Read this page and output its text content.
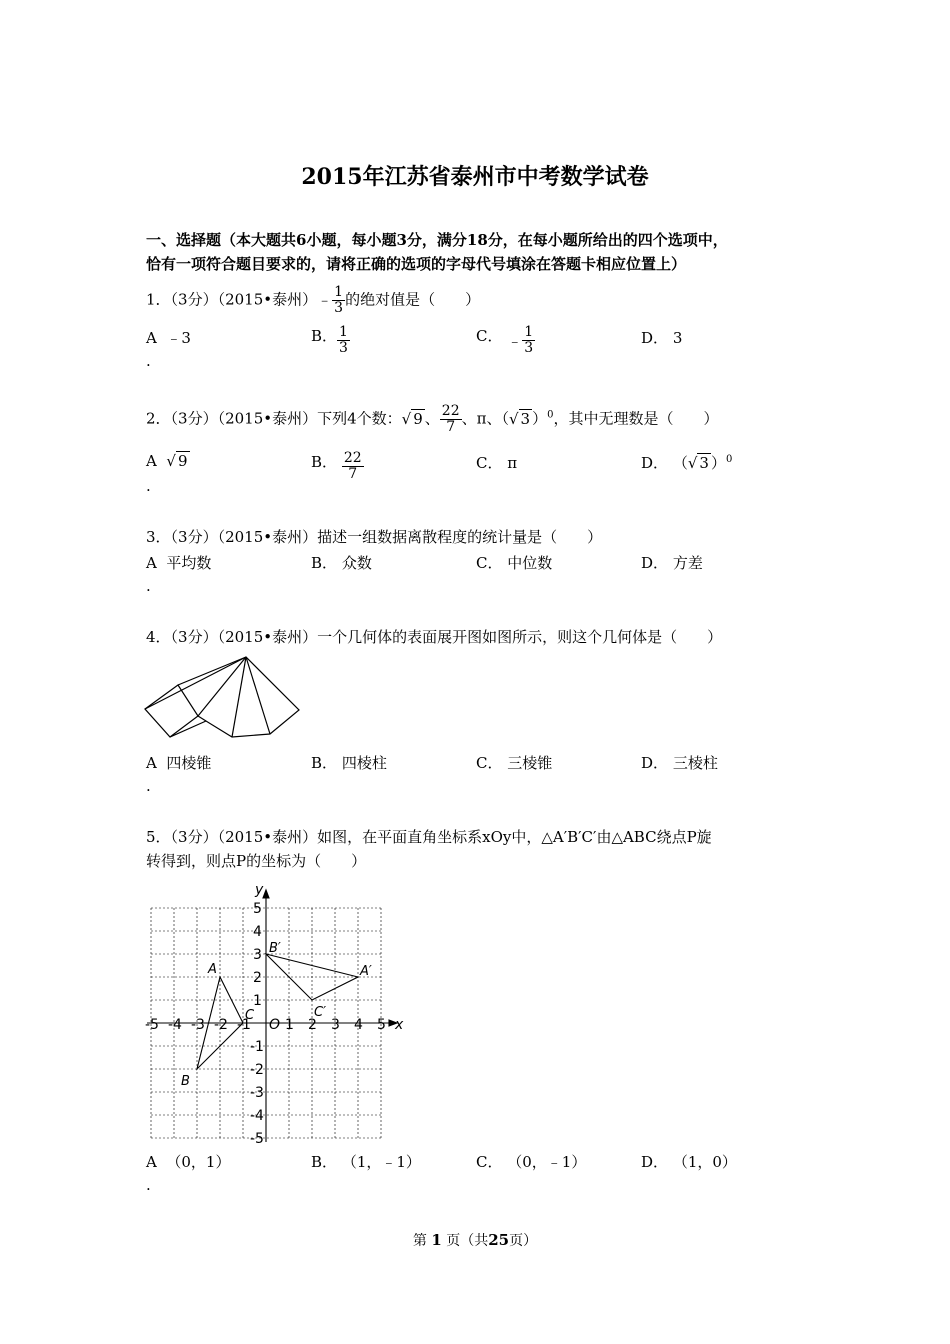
2015年江苏省泰州市中考数学试卷
一、选择题（本大题共6小题，每小题3分，满分18分，在每小题所给出的四个选项中，
恰有一项符合题目要求的，请将正确的选项的字母代号填涂在答题卡相应位置上）
1．（3分）（2015•泰州）﹣ $\frac{1}{3}$ 的绝对值是（　　）
A ﹣3
.
B． $\frac{1}{3}$	C． ﹣ $\frac{1}{3}$	D． 3
2．（3分）（2015•泰州）下列4个数：√ 9 、 $\frac{22}{7}$ 、π、（√ 3 ）$^0$，其中无理数是（　　）
A √ 9
.
B． $\frac{22}{7}$	C． π	D． （√ 3 ）$^0$
3．（3分）（2015•泰州）描述一组数据离散程度的统计量是（　　）
A 平均数
.
B． 众数	C． 中位数	D． 方差
4．（3分）（2015•泰州）一个几何体的表面展开图如图所示，则这个几何体是（　　）
A 四棱锥
.
B． 四棱柱	C． 三棱锥	D． 三棱柱
5．（3分）（2015•泰州）如图，在平面直角坐标系xOy中，△A′B′C′由△ABC绕点P旋
转得到，则点P的坐标为（　　）
-5 -4 -3 -2 -1 1 2 3 4 5
5
4
3
2
1
-1
-2
-3
-4
-5
O	x
y
A
B
C
A′
B′
C′
A （0，1）
.
B． （1，﹣1）	C． （0，﹣1）	D． （1，0）
第 1 页（共25页）
